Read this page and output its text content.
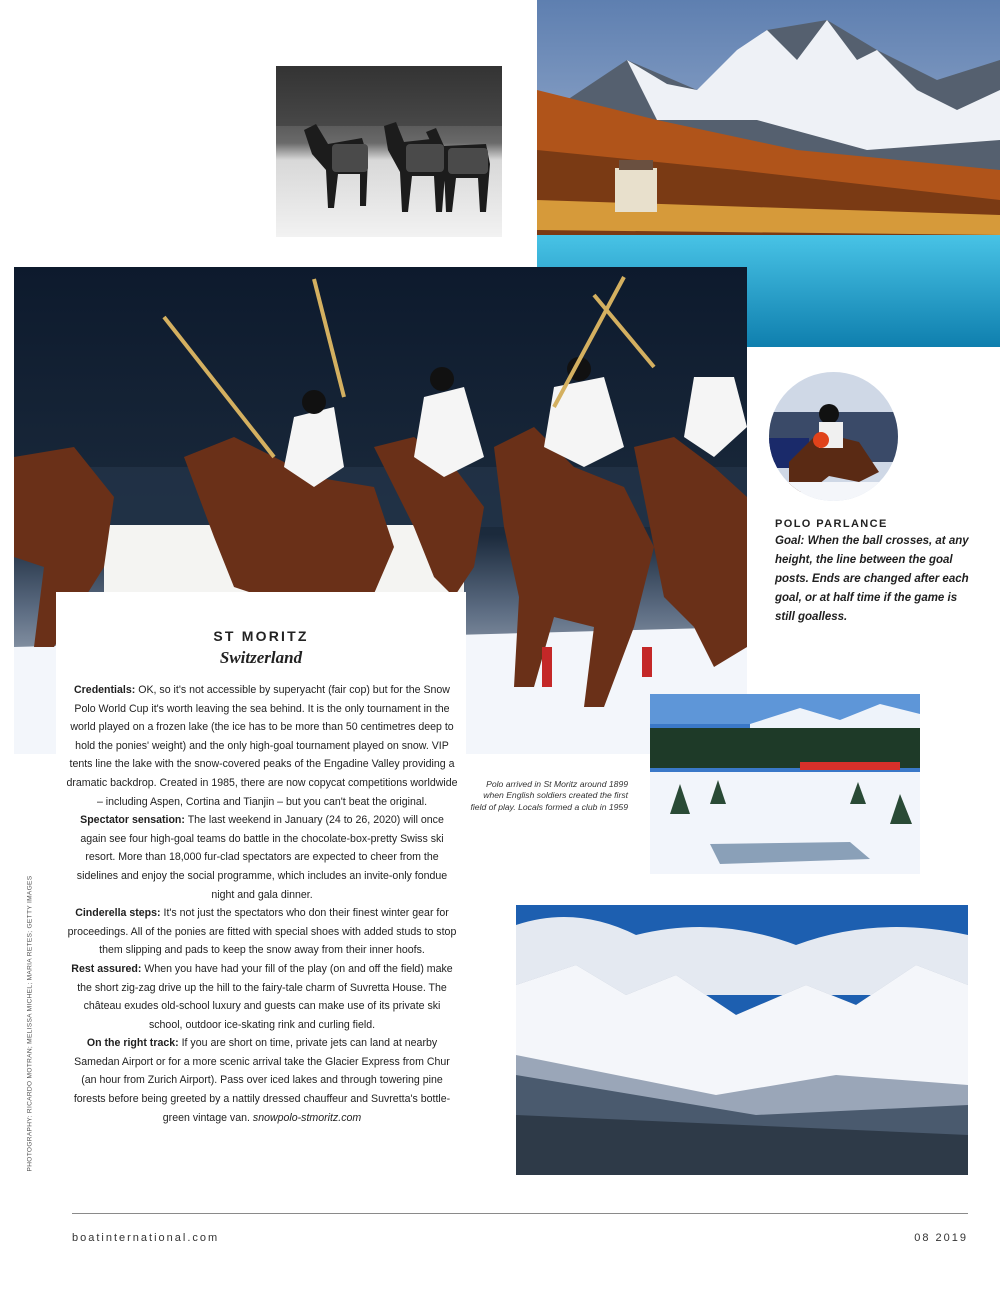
ST MORITZ
Switzerland

Credentials: OK, so it's not accessible by superyacht (fair cop) but for the Snow Polo World Cup it's worth leaving the sea behind. It is the only tournament in the world played on a frozen lake (the ice has to be more than 50 centimetres deep to hold the ponies' weight) and the only high-goal tournament played on snow. VIP tents line the lake with the snow-covered peaks of the Engadine Valley providing a dramatic backdrop. Created in 1985, there are now copycat competitions worldwide – including Aspen, Cortina and Tianjin – but you can't beat the original.

Spectator sensation: The last weekend in January (24 to 26, 2020) will once again see four high-goal teams do battle in the chocolate-box-pretty Swiss ski resort. More than 18,000 fur-clad spectators are expected to cheer from the sidelines and enjoy the social programme, which includes an invite-only fondue night and gala dinner.

Cinderella steps: It's not just the spectators who don their finest winter gear for proceedings. All of the ponies are fitted with special shoes with added studs to stop them slipping and pads to keep the snow away from their inner hoofs.

Rest assured: When you have had your fill of the play (on and off the field) make the short zig-zag drive up the hill to the fairy-tale charm of Suvretta House. The château exudes old-school luxury and guests can make use of its private ski school, outdoor ice-skating rink and curling field.

On the right track: If you are short on time, private jets can land at nearby Samedan Airport or for a more scenic arrival take the Glacier Express from Chur (an hour from Zurich Airport). Pass over iced lakes and through towering pine forests before being greeted by a nattily dressed chauffeur and Suvretta's bottle-green vintage van. snowpolo-stmoritz.com

POLO PARLANCE

Goal: When the ball crosses, at any height, the line between the goal posts. Ends are changed after each goal, or at half time if the game is still goalless.

Polo arrived in St Moritz around 1899 when English soldiers created the first field of play. Locals formed a club in 1959

PHOTOGRAPHY: RICARDO MOTRAN; MELISSA MICHEL; MARIA RETES; GETTY IMAGES
boatinternational.com	08 2019
